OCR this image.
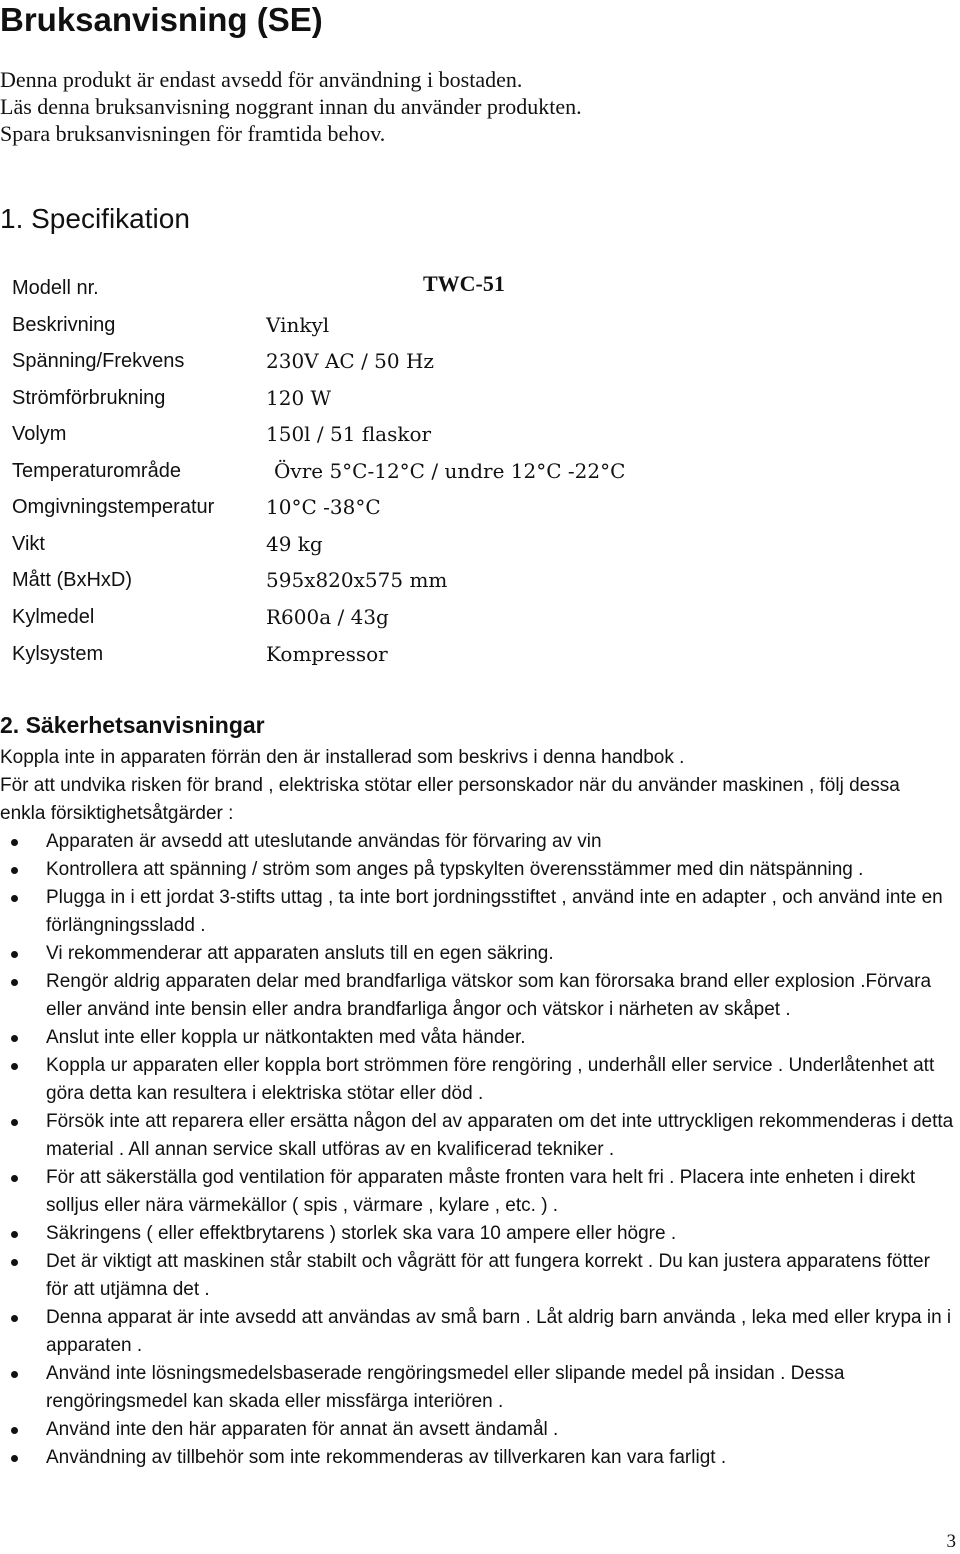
Bruksanvisning (SE)
Denna produkt är endast avsedd för användning i bostaden.
Läs denna bruksanvisning noggrant innan du använder produkten.
Spara bruksanvisningen för framtida behov.
1. Specifikation
Modell nr.	TWC-51
Beskrivning	Vinkyl
Spänning/Frekvens	230V AC / 50 Hz
Strömförbrukning	120 W
Volym	150l / 51 flaskor
Temperaturområde	Övre 5°C-12°C / undre 12°C -22°C
Omgivningstemperatur	10°C -38°C
Vikt	49 kg
Mått (BxHxD)	595x820x575 mm
Kylmedel	R600a / 43g
Kylsystem	Kompressor
2. Säkerhetsanvisningar
Koppla inte in apparaten förrän den är installerad som beskrivs i denna handbok .
För att undvika risken för brand , elektriska stötar eller personskador när du använder maskinen , följ dessa enkla försiktighetsåtgärder :
Apparaten är avsedd att uteslutande användas för förvaring av vin
Kontrollera att spänning / ström som anges på typskylten överensstämmer med din nätspänning .
Plugga in i ett jordat 3-stifts uttag , ta inte bort jordningsstiftet , använd inte en adapter , och använd inte en förlängningssladd .
Vi rekommenderar att apparaten ansluts till en egen säkring.
Rengör aldrig apparaten delar med brandfarliga vätskor som kan förorsaka brand eller explosion .Förvara eller använd inte bensin eller andra brandfarliga ångor och vätskor i närheten av skåpet .
Anslut inte eller koppla ur nätkontakten med våta händer.
Koppla ur apparaten eller koppla bort strömmen före rengöring , underhåll eller service . Underlåtenhet att göra detta kan resultera i elektriska stötar eller död .
Försök inte att reparera eller ersätta någon del av apparaten om det inte uttryckligen rekommenderas i detta material . All annan service skall utföras av en kvalificerad tekniker .
För att säkerställa god ventilation för apparaten måste fronten vara helt fri . Placera inte enheten i direkt solljus eller nära värmekällor ( spis , värmare , kylare , etc. ) .
Säkringens ( eller effektbrytarens ) storlek ska vara 10 ampere eller högre .
Det är viktigt att maskinen står stabilt och vågrätt för att fungera korrekt . Du kan justera apparatens fötter för att utjämna det .
Denna apparat är inte avsedd att användas av små barn . Låt aldrig barn använda , leka med eller krypa in i apparaten .
Använd inte lösningsmedelsbaserade rengöringsmedel eller slipande medel på insidan . Dessa rengöringsmedel kan skada eller missfärga interiören .
Använd inte den här apparaten för annat än avsett ändamål .
Användning av tillbehör som inte rekommenderas av tillverkaren kan vara farligt .
3
